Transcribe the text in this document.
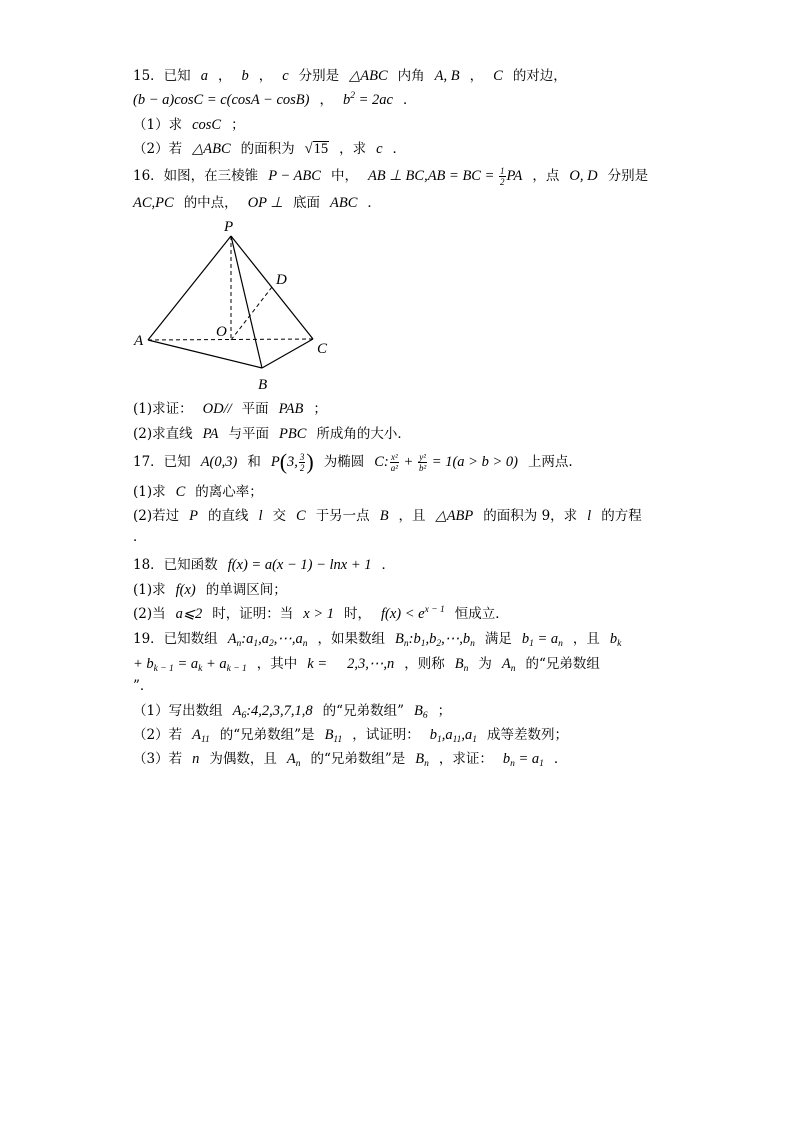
15．已知 a ， b ， c 分别是 △ABC 内角 A, B ， C 的对边，
(b − a)cosC = c(cosA − cosB) ， $b^2 = 2ac$ ．
（1）求 cosC ；
（2）若 △ABC 的面积为 √15 ，求 c ．
16．如图，在三棱锥 P − ABC 中， AB ⊥ BC,AB = BC = $\frac{1}{2}$ PA ，点 O, D 分别是
AC,PC 的中点， OP ⊥ 底面 ABC ．
P
D
O
A	C
B
(1)求证： OD// 平面 PAB ；
(2)求直线 PA 与平面 PBC 所成角的大小．
17．已知 A(0,3) 和 P(3, $\frac{3}{2}$ ) 为椭圆 C: $\frac{\text{x²}}{\text{a²}} + \frac{\text{y²}}{\text{b²}} = 1(a > b > 0)$ 上两点.
(1)求 C 的离心率；
(2)若过 P 的直线 l 交 C 于另一点 B ，且 △ABP 的面积为 9，求 l 的方程
．
18．已知函数 f(x) = a(x − 1) − lnx + 1 ．
(1)求 f(x) 的单调区间；
(2)当 a⩽2 时，证明：当 x > 1 时， $f(x) < e^{x - 1}$ 恒成立．
19．已知数组 $A_n:a_1,a_2,\cdots,a_n$ ，如果数组 $B_n:b_1,b_2,\cdots,b_n$ 满足 $b_1 = a_n$ ，且 $b_k$
+ $b_{k - 1} = a_k + a_{k - 1}$ ，其中 k = 2,3,⋯,n ，则称 $B_n$ 为 $A_n$ 的“兄弟数组
”．
（1）写出数组 $A_6:4,2,3,7,1,8$ 的“兄弟数组” $B_6$ ；
（2）若 $A_{11}$ 的“兄弟数组”是 $B_{11}$ ，试证明： $b_1,a_{11},a_1$ 成等差数列；
（3）若 n 为偶数，且 $A_n$ 的“兄弟数组”是 $B_n$ ，求证： $b_n = a_1$ ．
